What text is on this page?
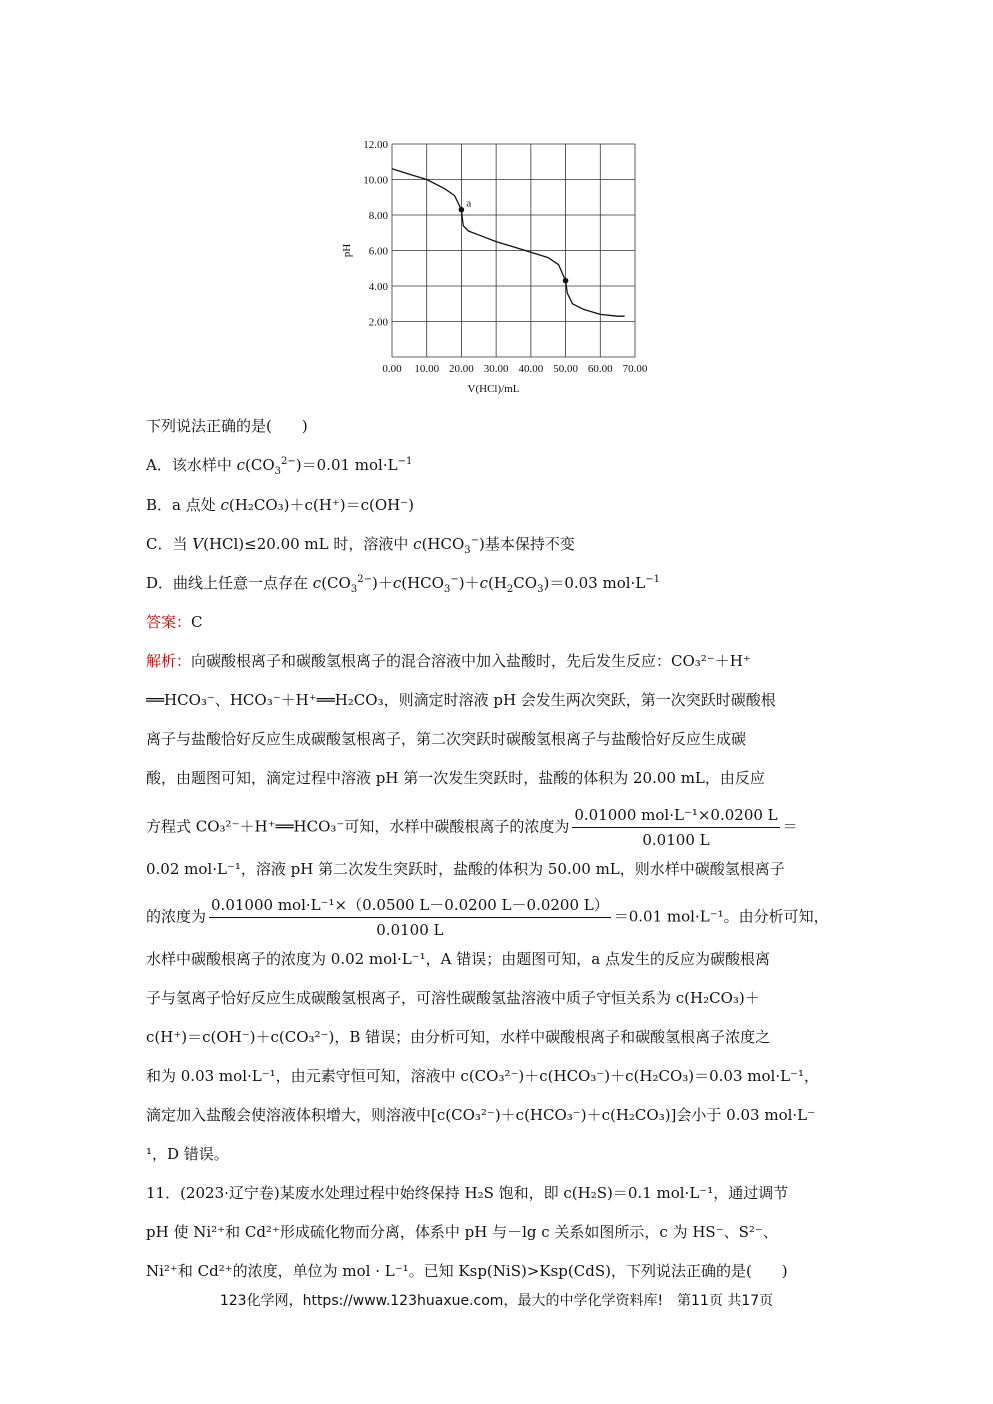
0.00 10.00 20.00 30.00 40.00 50.00 60.00 70.00
2.00
4.00
6.00
8.00
10.00
12.00
V(HCl)/mL
pH
a
下列说法正确的是(　　)
A．该水样中 $c(CO_3^{2-})=0.01$ $mol\cdot L^{-1}$
B．a 点处 c(H₂CO₃)＋c(H⁺)＝c(OH⁻)
C．当 V(HCl)≤20.00 mL 时，溶液中 $c(HCO_3^-)$基本保持不变
D．曲线上任意一点存在 $c(CO_3^{2-})+c(HCO_3^-)+c(H_2CO_3)=0.03$ $mol\cdot L^{-1}$
答案：C
解析：向碳酸根离子和碳酸氢根离子的混合溶液中加入盐酸时，先后发生反应：CO₃²⁻＋H⁺
══HCO₃⁻、HCO₃⁻＋H⁺══H₂CO₃，则滴定时溶液 pH 会发生两次突跃，第一次突跃时碳酸根
离子与盐酸恰好反应生成碳酸氢根离子，第二次突跃时碳酸氢根离子与盐酸恰好反应生成碳
酸，由题图可知，滴定过程中溶液 pH 第一次发生突跃时，盐酸的体积为 20.00 mL，由反应
方程式 CO₃²⁻＋H⁺══HCO₃⁻可知，水样中碳酸根离子的浓度为 $\frac{\text{0.01000 mol·L⁻¹×0.0200 L}}{0.0100 L}$ ＝
0.02 mol·L⁻¹，溶液 pH 第二次发生突跃时，盐酸的体积为 50.00 mL，则水样中碳酸氢根离子
的浓度为 $\frac{\text{0.01000 mol·L⁻¹×（0.0500 L－0.0200 L－0.0200 L）}}{0.0100 L} =0.01$ mol·L⁻¹。由分析可知，
水样中碳酸根离子的浓度为 0.02 mol·L⁻¹，A 错误；由题图可知，a 点发生的反应为碳酸根离
子与氢离子恰好反应生成碳酸氢根离子，可溶性碳酸氢盐溶液中质子守恒关系为 c(H₂CO₃)＋
c(H⁺)＝c(OH⁻)＋c(CO₃²⁻)，B 错误；由分析可知，水样中碳酸根离子和碳酸氢根离子浓度之
和为 0.03 mol·L⁻¹，由元素守恒可知，溶液中 c(CO₃²⁻)＋c(HCO₃⁻)＋c(H₂CO₃)＝0.03 mol·L⁻¹，
滴定加入盐酸会使溶液体积增大，则溶液中[c(CO₃²⁻)＋c(HCO₃⁻)＋c(H₂CO₃)]会小于 0.03 mol·L⁻
¹，D 错误。
11．(2023·辽宁卷)某废水处理过程中始终保持 H₂S 饱和，即 c(H₂S)＝0.1 mol·L⁻¹，通过调节
pH 使 Ni²⁺和 Cd²⁺形成硫化物而分离，体系中 pH 与－lg c 关系如图所示，c 为 HS⁻、S²⁻、
Ni²⁺和 Cd²⁺的浓度，单位为 mol · L⁻¹。已知 Ksp(NiS)>Ksp(CdS)，下列说法正确的是(　　)
123化学网，https://www.123huaxue.com，最大的中学化学资料库!　第11页 共17页
